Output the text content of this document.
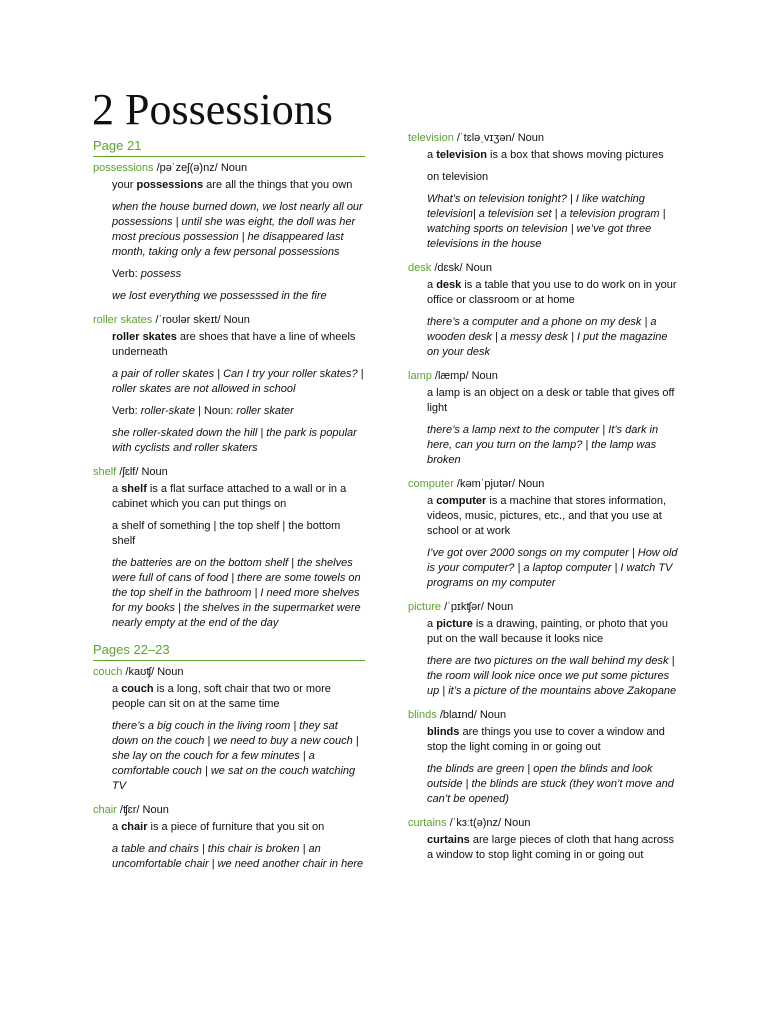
2 Possessions
Page 21
possessions /pəˈzeʃ(ə)nz/ Noun
your possessions are all the things that you own
when the house burned down, we lost nearly all our possessions | until she was eight, the doll was her most precious possession | he disappeared last month, taking only a few personal possessions
Verb: possess
we lost everything we possesssed in the fire
roller skates /ˈroʊlər skeɪt/ Noun
roller skates are shoes that have a line of wheels underneath
a pair of roller skates | Can I try your roller skates? | roller skates are not allowed in school
Verb: roller-skate | Noun: roller skater
she roller-skated down the hill | the park is popular with cyclists and roller skaters
shelf /ʃɛlf/ Noun
a shelf is a flat surface attached to a wall or in a cabinet which you can put things on
a shelf of something | the top shelf | the bottom shelf
the batteries are on the bottom shelf | the shelves were full of cans of food | there are some towels on the top shelf in the bathroom | I need more shelves for my books | the shelves in the supermarket were nearly empty at the end of the day
Pages 22–23
couch /kaʊʧ/ Noun
a couch is a long, soft chair that two or more people can sit on at the same time
there’s a big couch in the living room | they sat down on the couch | we need to buy a new couch | she lay on the couch for a few minutes | a comfortable couch | we sat on the couch watching TV
chair /ʧɛr/ Noun
a chair is a piece of furniture that you sit on
a table and chairs | this chair is broken | an uncomfortable chair | we need another chair in here
television /ˈtɛləˌvɪʒən/ Noun
a television is a box that shows moving pictures
on television
What’s on television tonight? | I like watching television| a television set | a television program | watching sports on television | we’ve got three televisions in the house
desk /dɛsk/ Noun
a desk is a table that you use to do work on in your office or classroom or at home
there’s a computer and a phone on my desk | a wooden desk | a messy desk | I put the magazine on your desk
lamp /læmp/ Noun
a lamp is an object on a desk or table that gives off light
there’s a lamp next to the computer | It’s dark in here, can you turn on the lamp? | the lamp was broken
computer /kəmˈpjutər/ Noun
a computer is a machine that stores information, videos, music, pictures, etc., and that you use at school or at work
I’ve got over 2000 songs on my computer | How old is your computer? | a laptop computer | I watch TV programs on my computer
picture /ˈpɪkʧər/ Noun
a picture is a drawing, painting, or photo that you put on the wall because it looks nice
there are two pictures on the wall behind my desk | the room will look nice once we put some pictures up | it’s a picture of the mountains above Zakopane
blinds /blaɪnd/ Noun
blinds are things you use to cover a window and stop the light coming in or going out
the blinds are green | open the blinds and look outside | the blinds are stuck (they won’t move and can’t be opened)
curtains /ˈkɜːt(ə)nz/ Noun
curtains are large pieces of cloth that hang across a window to stop light coming in or going out
